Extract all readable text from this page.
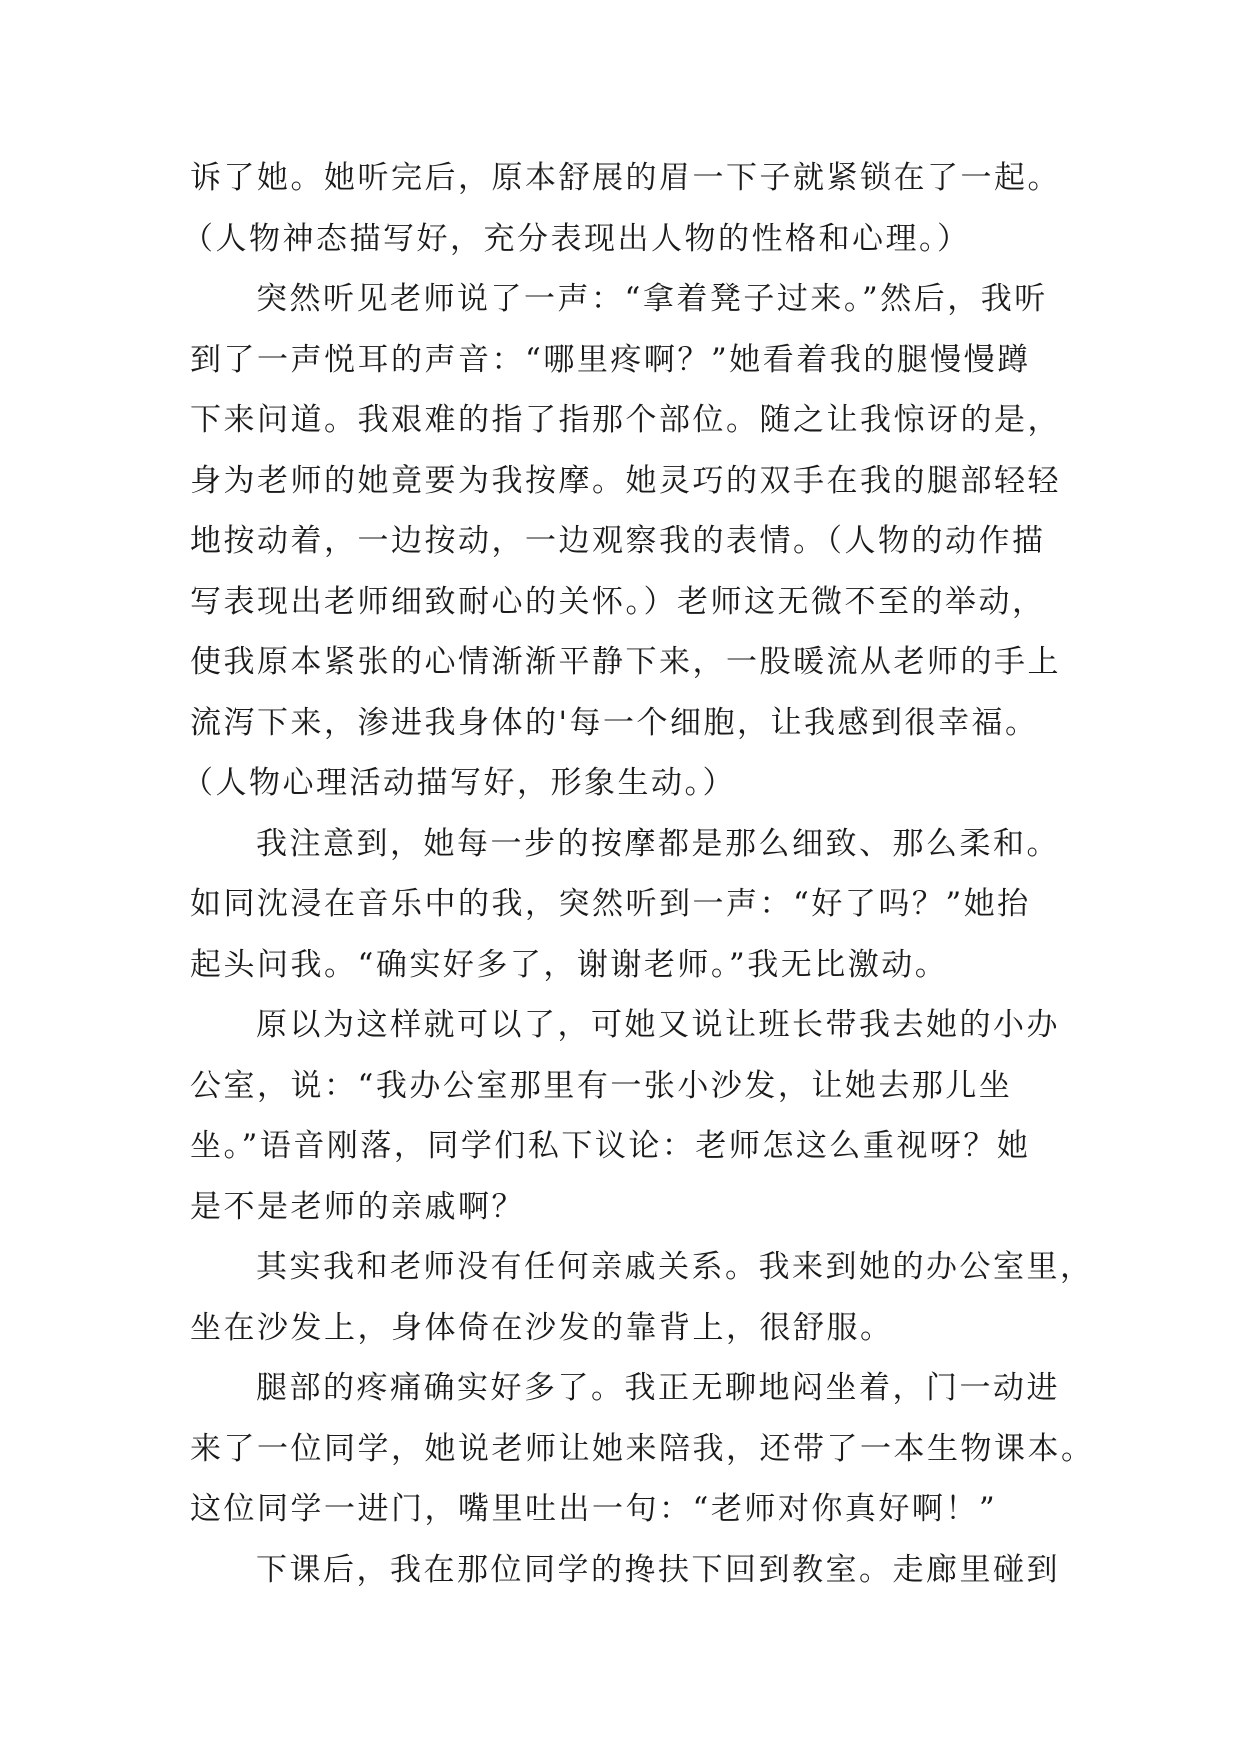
诉了她。她听完后，原本舒展的眉一下子就紧锁在了一起。
（人物神态描写好，充分表现出人物的性格和心理。）
突然听见老师说了一声：“拿着凳子过来。”然后，我听
到了一声悦耳的声音：“哪里疼啊？”她看着我的腿慢慢蹲
下来问道。我艰难的指了指那个部位。随之让我惊讶的是，
身为老师的她竟要为我按摩。她灵巧的双手在我的腿部轻轻
地按动着，一边按动，一边观察我的表情。（人物的动作描
写表现出老师细致耐心的关怀。）老师这无微不至的举动，
使我原本紧张的心情渐渐平静下来，一股暖流从老师的手上
流泻下来，渗进我身体的'每一个细胞，让我感到很幸福。
（人物心理活动描写好，形象生动。）
我注意到，她每一步的按摩都是那么细致、那么柔和。
如同沈浸在音乐中的我，突然听到一声：“好了吗？”她抬
起头问我。“确实好多了，谢谢老师。”我无比激动。
原以为这样就可以了，可她又说让班长带我去她的小办
公室，说：“我办公室那里有一张小沙发，让她去那儿坐
坐。”语音刚落，同学们私下议论：老师怎这么重视呀？她
是不是老师的亲戚啊？
其实我和老师没有任何亲戚关系。我来到她的办公室里，
坐在沙发上，身体倚在沙发的靠背上，很舒服。
腿部的疼痛确实好多了。我正无聊地闷坐着，门一动进
来了一位同学，她说老师让她来陪我，还带了一本生物课本。
这位同学一进门，嘴里吐出一句：“老师对你真好啊！”
下课后，我在那位同学的搀扶下回到教室。走廊里碰到
